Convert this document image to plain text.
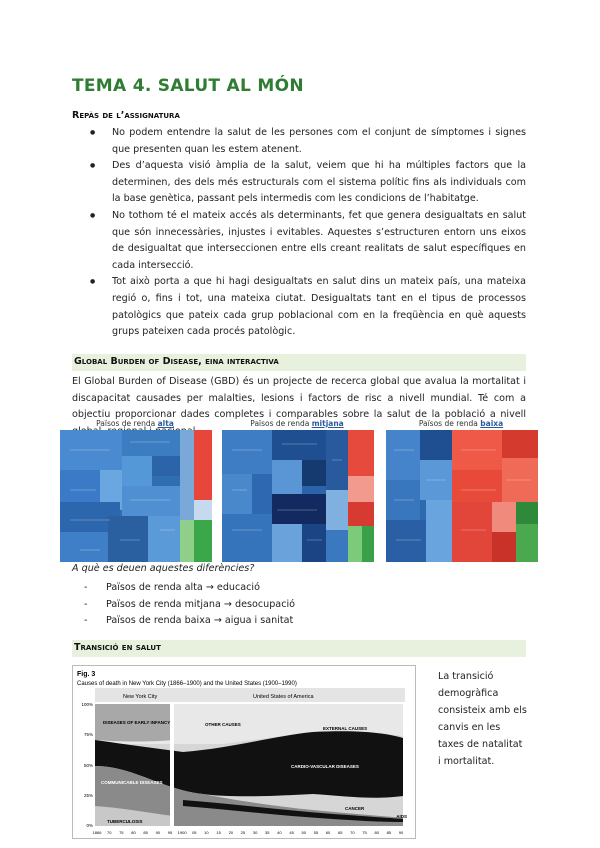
TEMA 4. SALUT AL MÓN
Repàs de l’assignatura
● No podem entendre la salut de les persones com el conjunt de símptomes i signes que presenten quan les estem atenent.
● Des d’aquesta visió àmplia de la salut, veiem que hi ha múltiples factors que la determinen, des dels més estructurals com el sistema polític fins als individuals com la base genètica, passant pels intermedis com les condicions de l’habitatge.
● No tothom té el mateix accés als determinants, fet que genera desigualtats en salut que són innecessàries, injustes i evitables. Aquestes s’estructuren entorn uns eixos de desigualtat que interseccionen entre ells creant realitats de salut específiques en cada intersecció.
● Tot això porta a que hi hagi desigualtats en salut dins un mateix país, una mateixa regió o, fins i tot, una mateixa ciutat. Desigualtats tant en el tipus de processos patològics que pateix cada grup poblacional com en la freqüència en què aquests grups pateixen cada procés patològic.
Global Burden of Disease, eina interactiva
El Global Burden of Disease (GBD) és un projecte de recerca global que avalua la mortalitat i discapacitat causades per malalties, lesions i factors de risc a nivell mundial. Té com a objectiu proporcionar dades completes i comparables sobre la salut de la població a nivell
Països de renda alta	Països de renda mitjana	Països de renda baixa
A què es deuen aquestes diferències?
- Països de renda alta → educació
- Països de renda mitjana → desocupació
- Països de renda baixa → aigua i sanitat
Transició en salut
Fig. 3
Causes of death in New York City (1866–1900) and the United States (1900–1990)
New York City	United States of America
DISEASES OF EARLY INFANCY	OTHER CAUSES
EXTERNAL CAUSES
CARDIO-VASCULAR DISEASES
COMMUNICABLE DISEASES
CANCER
TUBERCULOSIS
AIDS
100%
75%
50%
25%
0%
1866 70 75 80 85 90 95 1900 05 10 15 20 25 30 35 40 45 50 55 60 65 70 75 80 85 90
La transició demogràfica consisteix amb els canvis en les taxes de natalitat i mortalitat.
